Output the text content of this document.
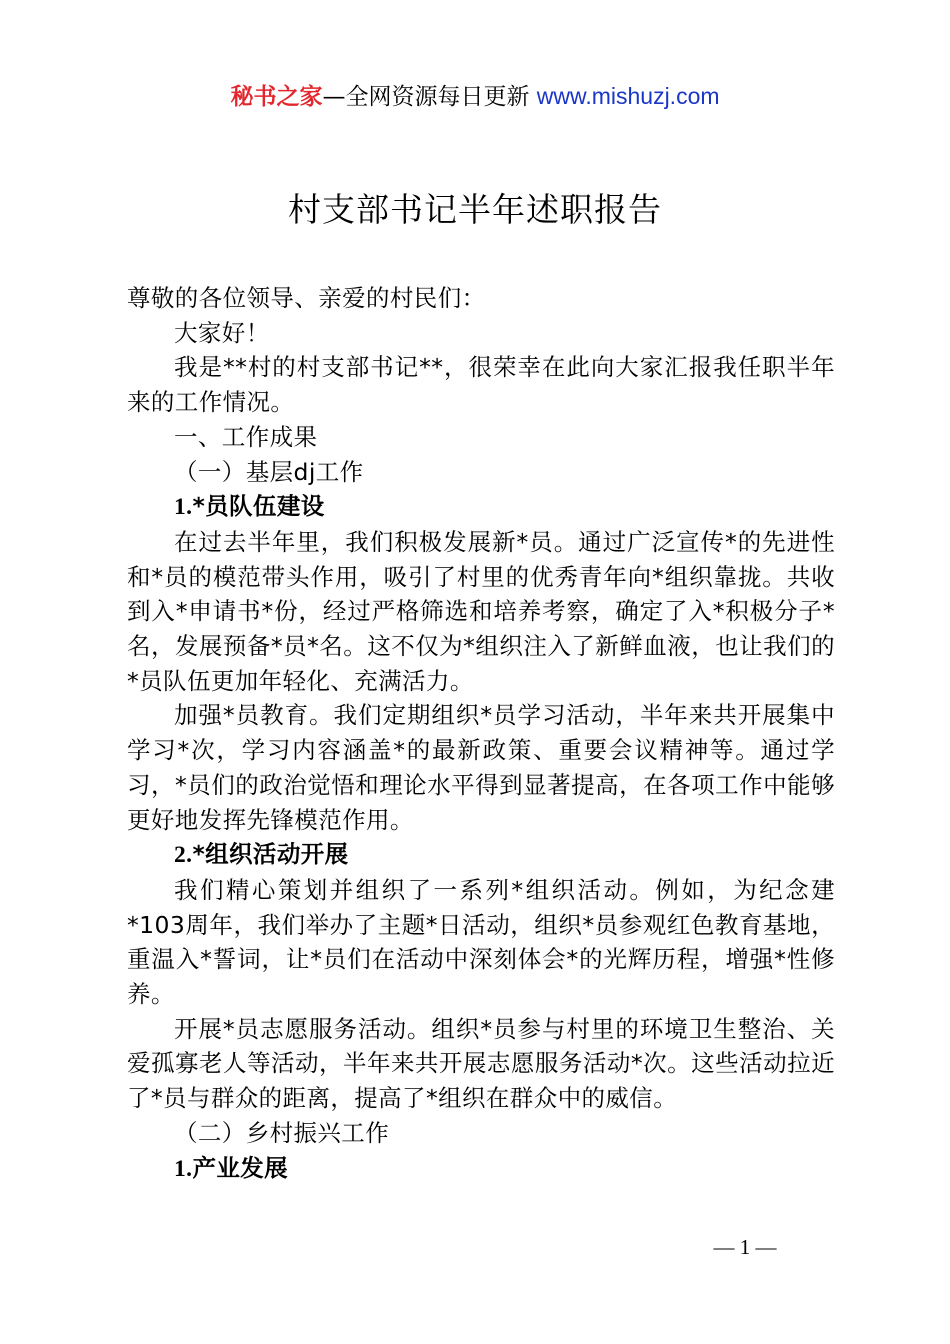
秘书之家—全网资源每日更新 www.mishuzj.com
村支部书记半年述职报告

尊敬的各位领导、亲爱的村民们：

大家好！

我是**村的村支部书记**，很荣幸在此向大家汇报我任职半年来的工作情况。

一、工作成果

（一）基层dj工作

1.*员队伍建设

在过去半年里，我们积极发展新*员。通过广泛宣传*的先进性和*员的模范带头作用，吸引了村里的优秀青年向*组织靠拢。共收到入*申请书*份，经过严格筛选和培养考察，确定了入*积极分子*名，发展预备*员*名。这不仅为*组织注入了新鲜血液，也让我们的*员队伍更加年轻化、充满活力。

加强*员教育。我们定期组织*员学习活动，半年来共开展集中学习*次，学习内容涵盖*的最新政策、重要会议精神等。通过学习，*员们的政治觉悟和理论水平得到显著提高，在各项工作中能够更好地发挥先锋模范作用。

2.*组织活动开展

我们精心策划并组织了一系列*组织活动。例如，为纪念建*103周年，我们举办了主题*日活动，组织*员参观红色教育基地，重温入*誓词，让*员们在活动中深刻体会*的光辉历程，增强*性修养。

开展*员志愿服务活动。组织*员参与村里的环境卫生整治、关爱孤寡老人等活动，半年来共开展志愿服务活动*次。这些活动拉近了*员与群众的距离，提高了*组织在群众中的威信。

（二）乡村振兴工作

1.产业发展

— 1 —
